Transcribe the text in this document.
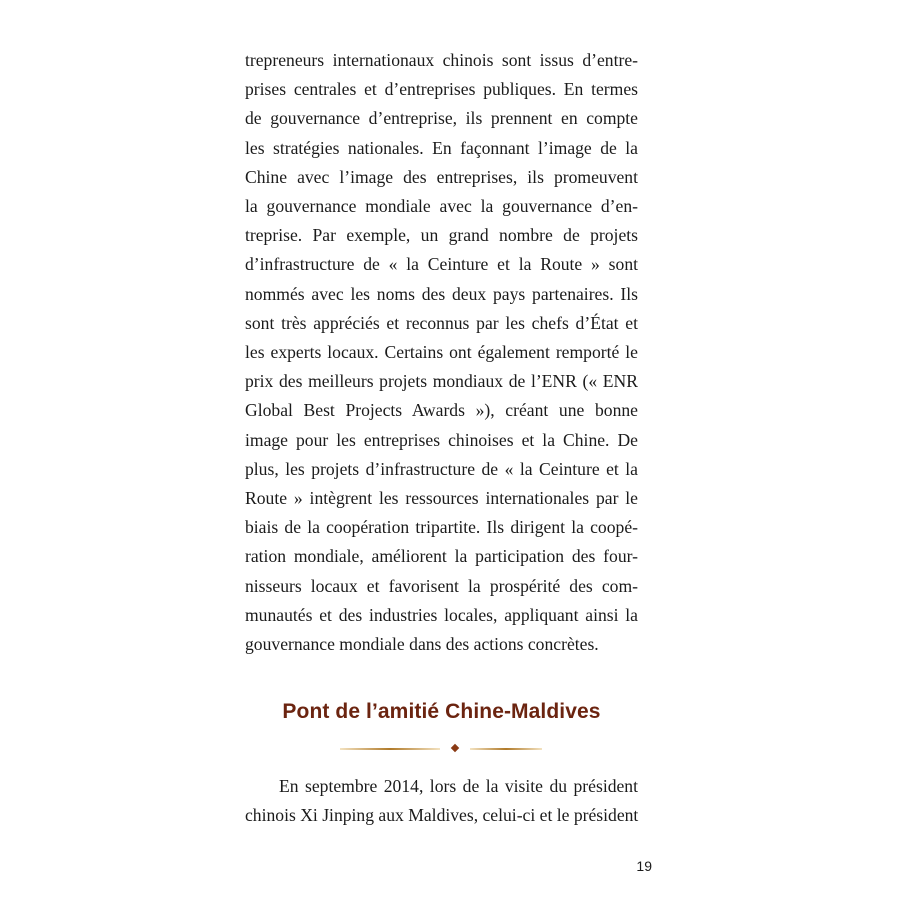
trepreneurs internationaux chinois sont issus d’entre-
prises centrales et d’entreprises publiques. En termes
de gouvernance d’entreprise, ils prennent en compte
les stratégies nationales. En façonnant l’image de la
Chine avec l’image des entreprises, ils promeuvent
la gouvernance mondiale avec la gouvernance d’en-
treprise. Par exemple, un grand nombre de projets
d’infrastructure de « la Ceinture et la Route » sont
nommés avec les noms des deux pays partenaires. Ils
sont très appréciés et reconnus par les chefs d’État et
les experts locaux. Certains ont également remporté le
prix des meilleurs projets mondiaux de l’ENR (« ENR
Global Best Projects Awards »), créant une bonne
image pour les entreprises chinoises et la Chine. De
plus, les projets d’infrastructure de « la Ceinture et la
Route » intègrent les ressources internationales par le
biais de la coopération tripartite. Ils dirigent la coopé-
ration mondiale, améliorent la participation des four-
nisseurs locaux et favorisent la prospérité des com-
munautés et des industries locales, appliquant ainsi la
gouvernance mondiale dans des actions concrètes.
Pont de l’amitié Chine-Maldives
En septembre 2014, lors de la visite du président
chinois Xi Jinping aux Maldives, celui-ci et le président
19
